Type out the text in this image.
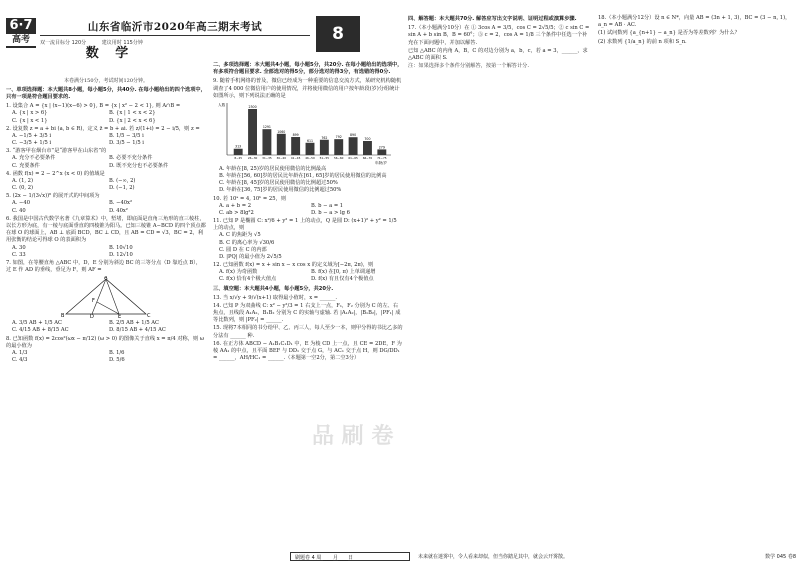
6·7
高考
山东省临沂市2020年高三期末考试
双一流目标分 120分	建议用时 115分钟	8
数 学
本卷满分150分，考试时间120分钟。
一、单项选择题：本大题共8小题，每小题5分，共40分. 在每小题给出的四个选项中，只有一项是符合题目要求的.
1. 设集合 A = {x | (x−1)(x−6) > 0}, B = {x | x² − 2 < 1}, 则 A∩B =
A. {x | x > 6}	B. {x | 1 < x < 2}
C. {x | x < 1}	D. {x | 2 < x < 6}
2. 设复数 z = a + bi (a, b ∈ R)，定义 z̄ = b + ai. 若 z/(1+i) = 2 − i/5，则 z =
A. −1/5 + 3/5 i	B. 1/5 − 3/5 i
C. −3/5 + 1/5 i	D. 3/5 − 1/5 i
3. “游客甲在烟台市”是“游客甲在山东省”的
A. 充分不必要条件	B. 必要不充分条件
C. 充要条件	D. 既不充分也不必要条件
4. 函数 f(x) = 2 − 2^x (x < 0) 的值域是
A. (1, 2)	B. (−∞, 2)
C. (0, 2)	D. (−1, 2)
5. (2x − 1/(3√x))⁶ 的展开式的中间项为
A. −40	B. −40x²
C. 40	D. 40x²
6. 我国是中国古代数学名著《九章算术》中，堑堵，即底面是直角三角形的直三棱柱，以长方形为底，有一棱与底面垂直的四棱锥为阳马。已知三棱锥 A−BCD 的四个顶点都在球 O 的球面上，AB ⊥ 底面 BCD，BC ⊥ CD，且 AB = CD = √3，BC = 2，利用张衡的结论可得球 O 的表面积为
A. 30	B. 10√10
C. 33	D. 12√10
7. 如图，在等腰直角 △ABC 中，D，E 分别为斜边 BC 的三等分点（D 靠近点 B），过 E 作 AD 的垂线，垂足为 F，则 AF =
A
B	C
D	E
F
A. 3/5 AB + 1/5 AC	B. 2/5 AB + 1/5 AC
C. 4/15 AB + 8/15 AC	D. 8/15 AB + 4/15 AC
8. 已知函数 f(x) = 2cos²(ωx − π/12) (ω > 0) 的图像关于直线 x = π/4 对称，则 ω 的最小值为
A. 1/3	B. 1/6
C. 4/3	D. 5/6
二、多项选择题：本大题共4小题，每小题5分，共20分. 在每小题给出的选项中，有多项符合题目要求. 全部选对的得5分，部分选对的得3分，有选错的得0分.
9. 随着手机网络的普及，微信已经成为一种重要的信息交流方式，某研究机构随机调查了4 000 位微信用户的使用情况，并将使用微信的用户按年龄段(岁)分组统计如图所示，则下列说法正确的是
人数
年龄/岁
313
8~25
2300
26~30
1291
31~35
1060
36~40
899
41~45
611
46~50
762
51~55
792
56~60
890
61~65
700
66~70
279
71~75
A. 年龄在[8, 25)岁的居民使用微信的比例最高
B. 年龄在[56, 60]岁的居民比年龄在[61, 65]岁的居民使用微信的比例高
C. 年龄在[8, 45]岁的居民使用微信的比例超过50%
D. 年龄在[36, 75]岁的居民使用微信的比例超过50%
10. 若 10ᵃ = 4, 10ᵇ = 25，则
A. a + b = 2	B. b − a = 1
C. ab > 8lg²2	D. b − a > lg 6
11. 已知 P 是椭圆 C: x²/6 + y² = 1 上的动点，Q 是圆 D: (x+1)² + y² = 1/5 上的动点，则
A. C 的焦距为 √5
B. C 的离心率为 √30/6
C. 圆 D 在 C 的内部
D. |PQ| 的最小值为 2√5/5
12. 已知函数 f(x) = x + sin x − x cos x 的定义域为[−2π, 2π)，则
A. f(x) 为奇函数	B. f(x) 在[0, π) 上单调递增
C. f(x) 恰有4个极大值点	D. f(x) 有且仅有4个极值点
三、填空题：本大题共4小题，每小题5分，共20分.
13. 当 x/√y + 9/√(x+1) 取得最小值时，x = ______.
14. 已知 P 为双曲线 C: x² − y²/3 = 1 右支上一点，F₁，F₂ 分别为 C 的左、右焦点，且线段 A₁A₂，B₁B₂ 分别为 C 的实轴与虚轴. 若 |A₁A₂|，|B₁B₂|，|PF₁| 成等比数列，则 |PF₂| = ______.
15. 现将7本相同的书分给甲、乙、丙三人，每人至少一本，则甲分得的书比乙多的分法有 ______ 种.
16. 在正方体 ABCD − A₁B₁C₁D₁ 中，E 为棱 CD 上一点，且 CE = 2DE，F 为棱 AA₁ 的中点，且平面 BEF 与 DD₁ 交于点 G，与 AC₁ 交于点 H，则 DG/DD₁ = ______，AH/HC₁ = ______.（本题第一空2分，第二空3分）
四、解答题：本大题共70分. 解答应写出文字说明、证明过程或演算步骤.
17.（本小题满分10分）在 ① 3cos A = 3/5，cos C = 2√5/5；② c sin C = sin A + b sin B，B = 60°；③ c = 2，cos A = 1/8 三个条件中任选一个补充在下面问题中，并加以解答.
已知 △ABC 的内角 A，B，C 的对边分别为 a，b，c，若 a = 3，______，求 △ABC 的面积 S.
注：如果选择多个条件分别解答，按第一个解答计分.
18.（本小题满分12分）设 n ∈ N*，向量 AB = (3n + 1, 3)，BC = (3 − n, 1)，a_n = AB · AC.
(1) 试问数列 {a_{n+1} − a_n} 是否为等差数列？为什么？
(2) 求数列 {1/a_n} 的前 n 项和 S_n.
品 刷 卷
刷题卷 4 周 ____月____日	未来就在迷雾中，令人看来却似，但当你踏足其中，就会云开雾散。	数学 045 卷8
